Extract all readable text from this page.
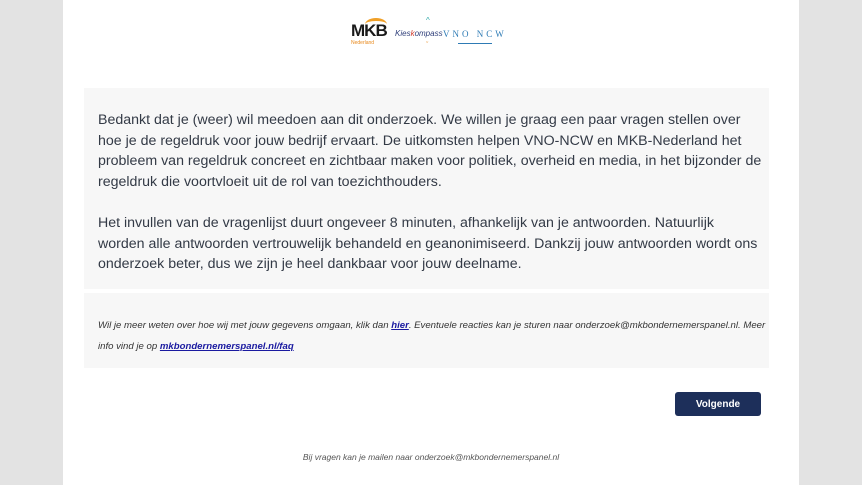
MKB
Nederland
Kieskompass
^
ˇ
VNO NCW

Bedankt dat je (weer) wil meedoen aan dit onderzoek. We willen je graag een paar vragen stellen over hoe je de regeldruk voor jouw bedrijf ervaart. De uitkomsten helpen VNO-NCW en MKB-Nederland het probleem van regeldruk concreet en zichtbaar maken voor politiek, overheid en media, in het bijzonder de regeldruk die voortvloeit uit de rol van toezichthouders.

Het invullen van de vragenlijst duurt ongeveer 8 minuten, afhankelijk van je antwoorden. Natuurlijk worden alle antwoorden vertrouwelijk behandeld en geanonimiseerd. Dankzij jouw antwoorden wordt ons onderzoek beter, dus we zijn je heel dankbaar voor jouw deelname.

Wil je meer weten over hoe wij met jouw gegevens omgaan, klik dan hier. Eventuele reacties kan je sturen naar onderzoek@mkbondernemerspanel.nl. Meer info vind je op mkbondernemerspanel.nl/faq

Volgende
Bij vragen kan je mailen naar onderzoek@mkbondernemerspanel.nl
